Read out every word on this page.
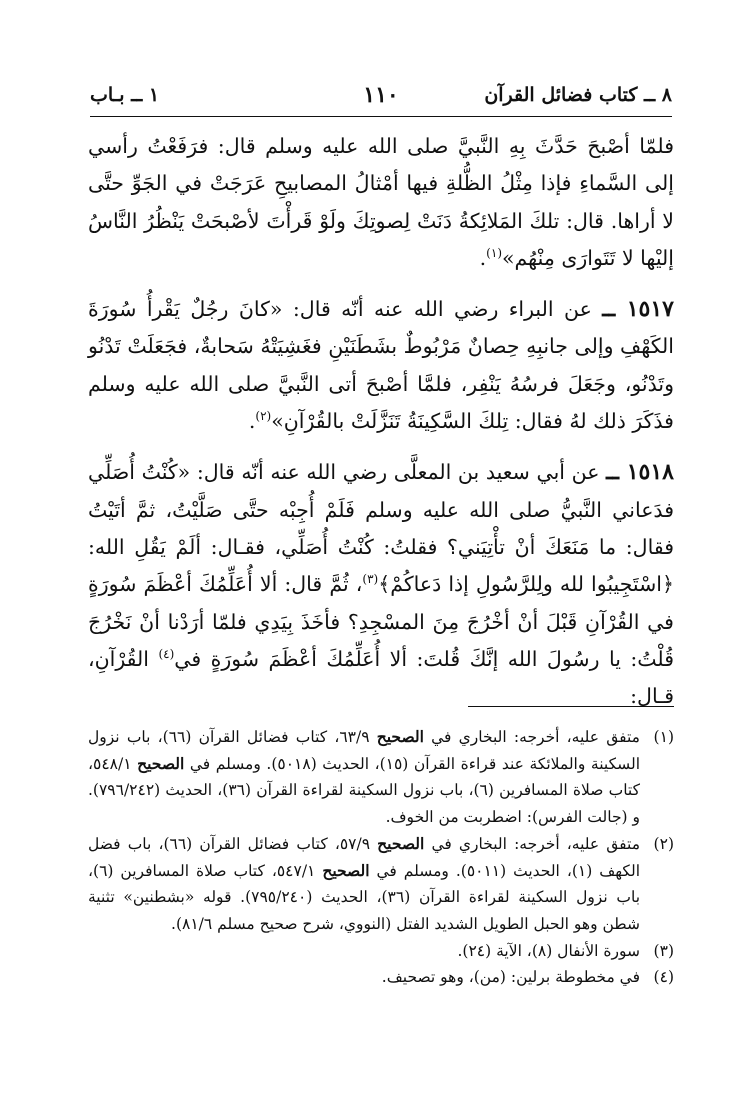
٨ ــ كتاب فضائل القرآن
١١٠
١ ــ بـاب

فلمّا أصْبحَ حَدَّثَ بِهِ النَّبيَّ صلى الله عليه وسلم قال: فرَفَعْتُ رأسي إلى السَّماءِ فإذا مِثْلُ الظُّلةِ فيها أمْثالُ المصابيحِ عَرَجَتْ في الجَوِّ حتَّى لا أراها. قال: تلكَ المَلائِكةُ دَنَتْ لِصوتِكَ ولَوْ قَرأْتَ لأصْبحَتْ يَنْظُرُ النَّاسُ إليْها لا تَتَوارَى مِنْهُم»$^{(١)}$.

١٥١٧ ــ عن البراء رضي الله عنه أنّه قال: «كانَ رجُلٌ يَقْرأُ سُورَةَ الكَهْفِ وإلى جانبِهِ حِصانٌ مَرْبُوطٌ بشَطَنَيْنِ فغَشِيَتْهُ سَحابةٌ، فجَعَلَتْ تَدْنُو وتَدْنُو، وجَعَلَ فرسُهُ يَنْفِر، فلمَّا أصْبحَ أتى النَّبيَّ صلى الله عليه وسلم فذَكَرَ ذلك لهُ فقال: تِلكَ السَّكِينَةُ تَنَزَّلَتْ بالقُرْآنِ»$^{(٢)}$.

١٥١٨ ــ عن أبي سعيد بن المعلَّى رضي الله عنه أنّه قال: «كُنْتُ أُصَلِّي فدَعاني النَّبيُّ صلى الله عليه وسلم فَلَمْ أُجِبْه حتَّى صَلَّيْتُ، ثمَّ أتَيْتُ فقال: ما مَنَعَكَ أنْ تأْتِيَني؟ فقلتُ: كُنْتُ أُصَلِّي، فقـال: ألَمْ يَقُلِ الله: ﴿اسْتَجِيبُوا لله ولِلرَّسُولِ إذا دَعاكُمْ﴾$^{(٣)}$، ثُمَّ قال: ألا أُعَلِّمُكَ أعْظَمَ سُورَةٍ في القُرْآنِ قَبْلَ أنْ أخْرُجَ مِنَ المسْجِدِ؟ فأخَذَ بِيَدِي فلمّا أرَدْنا أنْ نَخْرُجَ قُلْتُ: يا رسُولَ الله إنَّكَ قُلتَ: ألا أُعَلِّمُكَ أعْظَمَ سُورَةٍ في$^{(٤)}$ القُرْآنِ، قـال:

(١)
متفق عليه، أخرجه: البخاري في الصحيح ٦٣/٩، كتاب فضائل القرآن (٦٦)، باب نزول السكينة والملائكة عند قراءة القرآن (١٥)، الحديث (٥٠١٨). ومسلم في الصحيح ٥٤٨/١، كتاب صلاة المسافرين (٦)، باب نزول السكينة لقراءة القرآن (٣٦)، الحديث (٧٩٦/٢٤٢). و (جالت الفرس): اضطربت من الخوف.

(٢)
متفق عليه، أخرجه: البخاري في الصحيح ٥٧/٩، كتاب فضائل القرآن (٦٦)، باب فضل الكهف (١)، الحديث (٥٠١١). ومسلم في الصحيح ٥٤٧/١، كتاب صلاة المسافرين (٦)، باب نزول السكينة لقراءة القرآن (٣٦)، الحديث (٧٩٥/٢٤٠). قوله «بشطنين» تثنية شطن وهو الحبل الطويل الشديد الفتل (النووي، شرح صحيح مسلم ٨١/٦).

(٣)
سورة الأنفال (٨)، الآية (٢٤).

(٤)
في مخطوطة برلين: (من)، وهو تصحيف.
